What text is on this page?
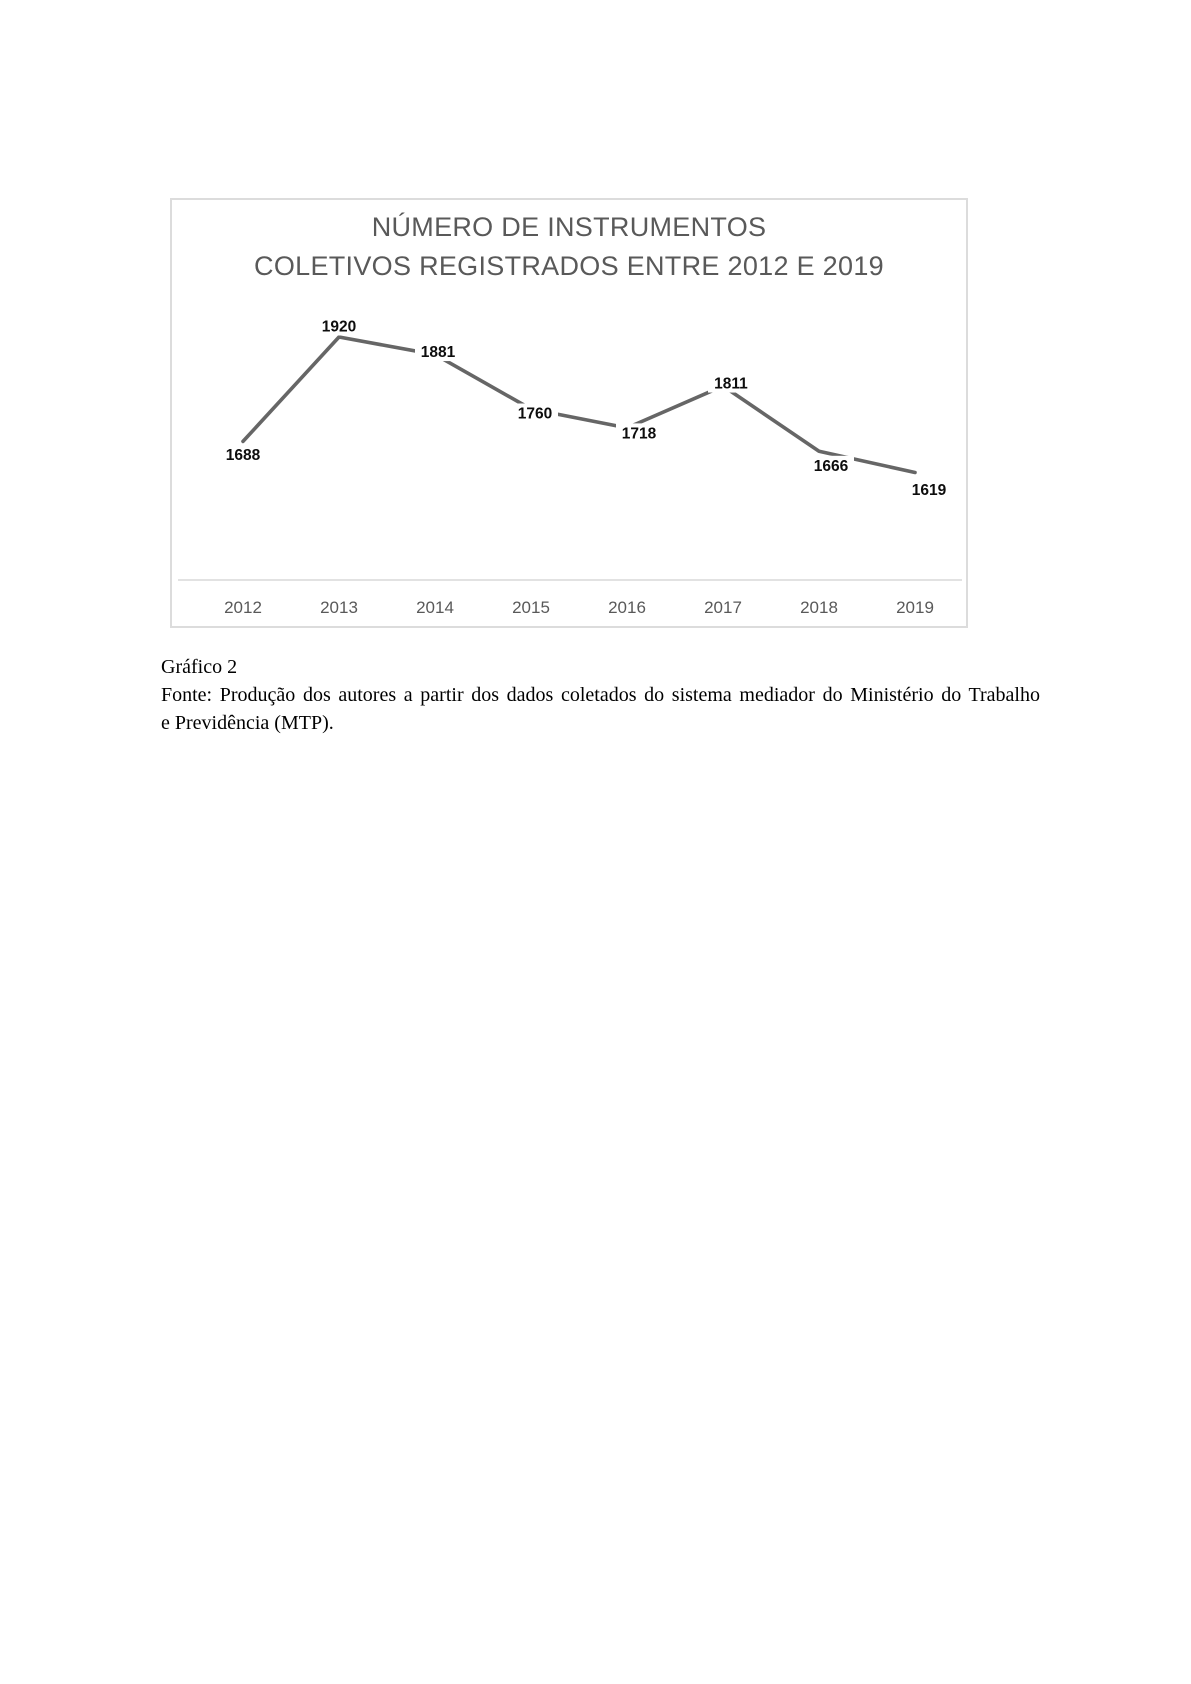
NÚMERO DE INSTRUMENTOS
COLETIVOS REGISTRADOS ENTRE 2012 E 2019
1688
2012
1920
2013
1881
2014
1760
2015
1718
2016
1811
2017
1666
2018
1619
2019
Gráfico 2
Fonte: Produção dos autores a partir dos dados coletados do sistema mediador do Ministério do Trabalho
e Previdência (MTP).
